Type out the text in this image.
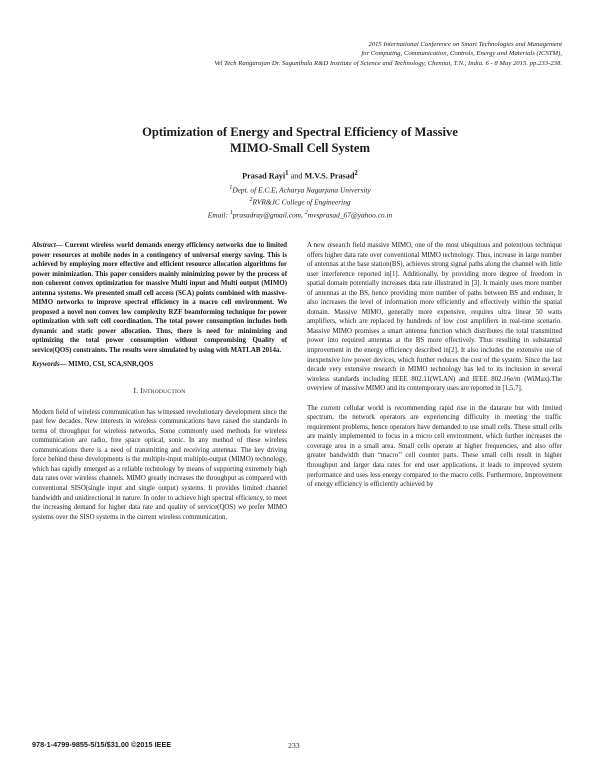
2015 International Conference on Smart Technologies and Management
for Computing, Communication, Controls, Energy and Materials (ICSTM),
Vel Tech Rangarajan Dr. Sagunthala R&D Institute of Science and Technology, Chennai, T.N., India. 6 - 8 May 2015. pp.233-238.
Optimization of Energy and Spectral Efficiency of Massive
MIMO-Small Cell System
Prasad Rayi$^1$ and M.V.S. Prasad$^2$
$^1$Dept. of E.C.E, Acharya Nagarjuna University
$^2$RVR&JC College of Engineering
Email: $^1$prasadray@gmail.com, $^2$mvsprasad_67@yahoo.co.in
Abstract— Current wireless world demands energy efficiency networks due to limited power resources at mobile nodes in a contingency of universal energy saving. This is achieved by employing more effective and efficient resource allocation algorithms for power minimization. This paper considers mainly minimizing power by the process of non coherent convex optimization for massive Multi input and Multi output (MIMO) antenna systems. We presented small cell access (SCA) points combined with massive- MIMO networks to improve spectral efficiency in a macro cell environment. We proposed a novel non convex low complexity RZF beamforming technique for power optimization with soft cell coordination. The total power consumption includes both dynamic and static power allocation. Thus, there is need for minimizing and optimizing the total power consumption without compromising Quality of service(QOS) constraints. The results were simulated by using with MATLAB 2014a.
Keywords— MIMO, CSI, SCA,SNR,QOS
I. INTRODUCTION

Modern field of wireless communication has witnessed revolutionary development since the past few decades. New interests in wireless communications have raised the standards in terms of throughput for wireless networks. Some commonly used methods for wireless communication are radio, free space optical, sonic. In any method of these wireless communications there is a need of transmitting and receiving antennas. The key driving force behind these developments is the multiple-input multiple-output (MIMO) technology, which has rapidly emerged as a reliable technology by means of supporting extremely high data rates over wireless channels. MIMO greatly increases the throughput as compared with conventional SISO(single input and single output) systems. It provides limited channel bandwidth and unidirectional in nature. In order to achieve high spectral efficiency, to meet the increasing demand for higher data rate and quality of service(QOS) we prefer MIMO systems over the SISO systems in the current wireless communication.

A new research field massive MIMO, one of the most ubiquitous and potentious technique offers higher data rate over conventional MIMO technology. Thus, increase in large number of antennas at the base station(BS), achieves strong signal paths along the channel with little user interference reported in[1]. Additionally, by providing more degree of freedom in spatial domain potentially increases data rate illustrated in [3]. It mainly uses more number of antennas at the BS, hence providing more number of paths between BS and enduser, It also increases the level of information more efficiently and effectively within the spatial domain. Massive MIMO, generally more expensive, requires ultra linear 50 watts amplifiers, which are replaced by hundreds of low cost amplifiers in real-time scenario. Massive MIMO promises a smart antenna function which distributes the total transmitted power into required antennas at the BS more effectively. Thus resulting in substantial improvement in the energy efficiency described in[2]. It also includes the extensive use of inexpensive low power devices, which further reduces the cost of the system. Since the last decade very extensive research in MIMO technology has led to its inclusion in several wireless standards including IEEE 802.11(WLAN) and IEEE 802.16e/m (WiMax).The overview of massive MIMO and its contemporary uses are reported in [1,5,7].

The current cellular world is recommending rapid rise in the datarate but with limited spectrum, the network operators are experiencing difficulty in meeting the traffic requirement problems, hence operators have demanded to use small cells. These small cells are mainly implemented to focus in a micro cell environment, which further increases the coverage area in a small area. Small cells operate at higher frequencies, and also offer greater bandwidth than “macro’’ cell counter parts. These small cells result in higher throughput and larger data rates for end user applications, it leads to improved system performance and uses less energy compared to the macro cells. Furthermore, Improvement of energy efficiency is efficiently achieved by

978-1-4799-9855-5/15/$31.00 ©2015 IEEE	233
